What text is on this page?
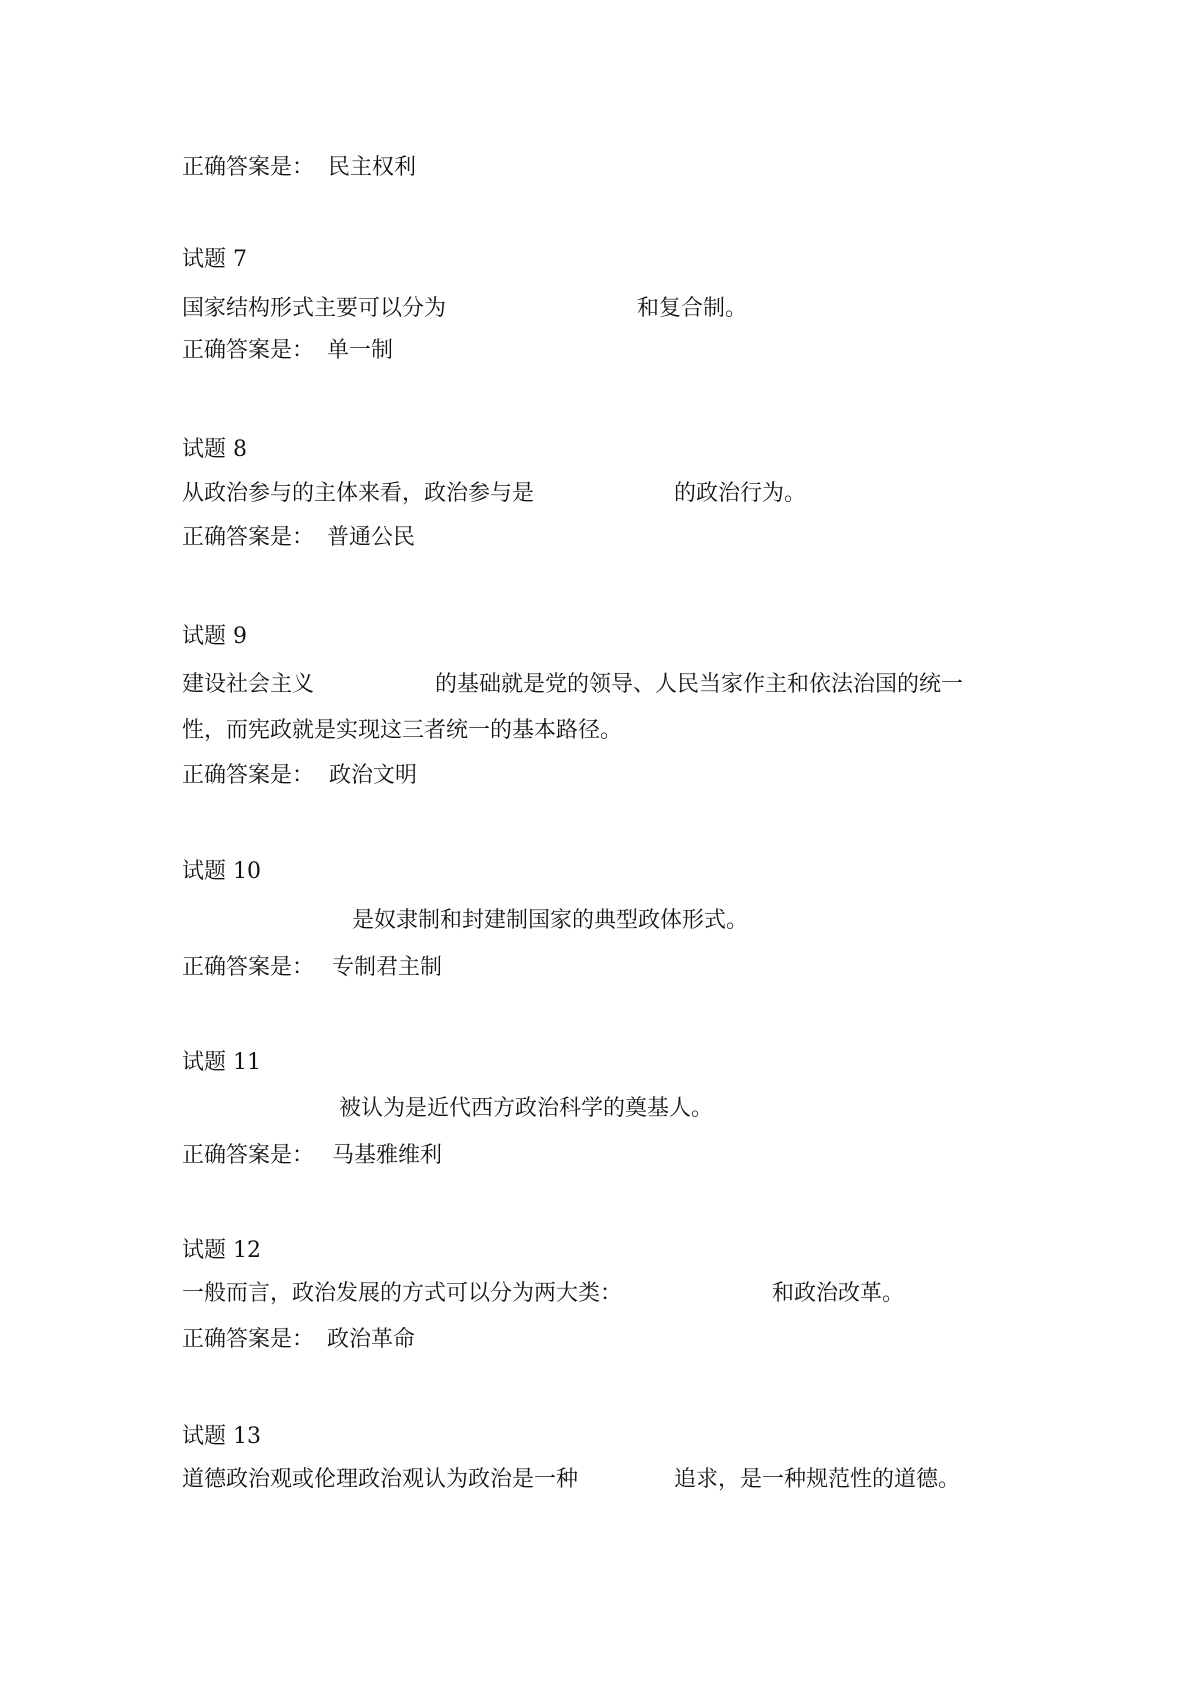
正确答案是： 民主权利
试题 7
国家结构形式主要可以分为	和复合制。
正确答案是： 单一制
试题 8
从政治参与的主体来看，政治参与是	的政治行为。
正确答案是： 普通公民
试题 9
建设社会主义	的基础就是党的领导、人民当家作主和依法治国的统一
性，而宪政就是实现这三者统一的基本路径。
正确答案是： 政治文明
试题 10
是奴隶制和封建制国家的典型政体形式。
正确答案是： 专制君主制
试题 11
被认为是近代西方政治科学的奠基人。
正确答案是： 马基雅维利
试题 12
一般而言，政治发展的方式可以分为两大类：	和政治改革。
正确答案是： 政治革命
试题 13
道德政治观或伦理政治观认为政治是一种	追求，是一种规范性的道德。
